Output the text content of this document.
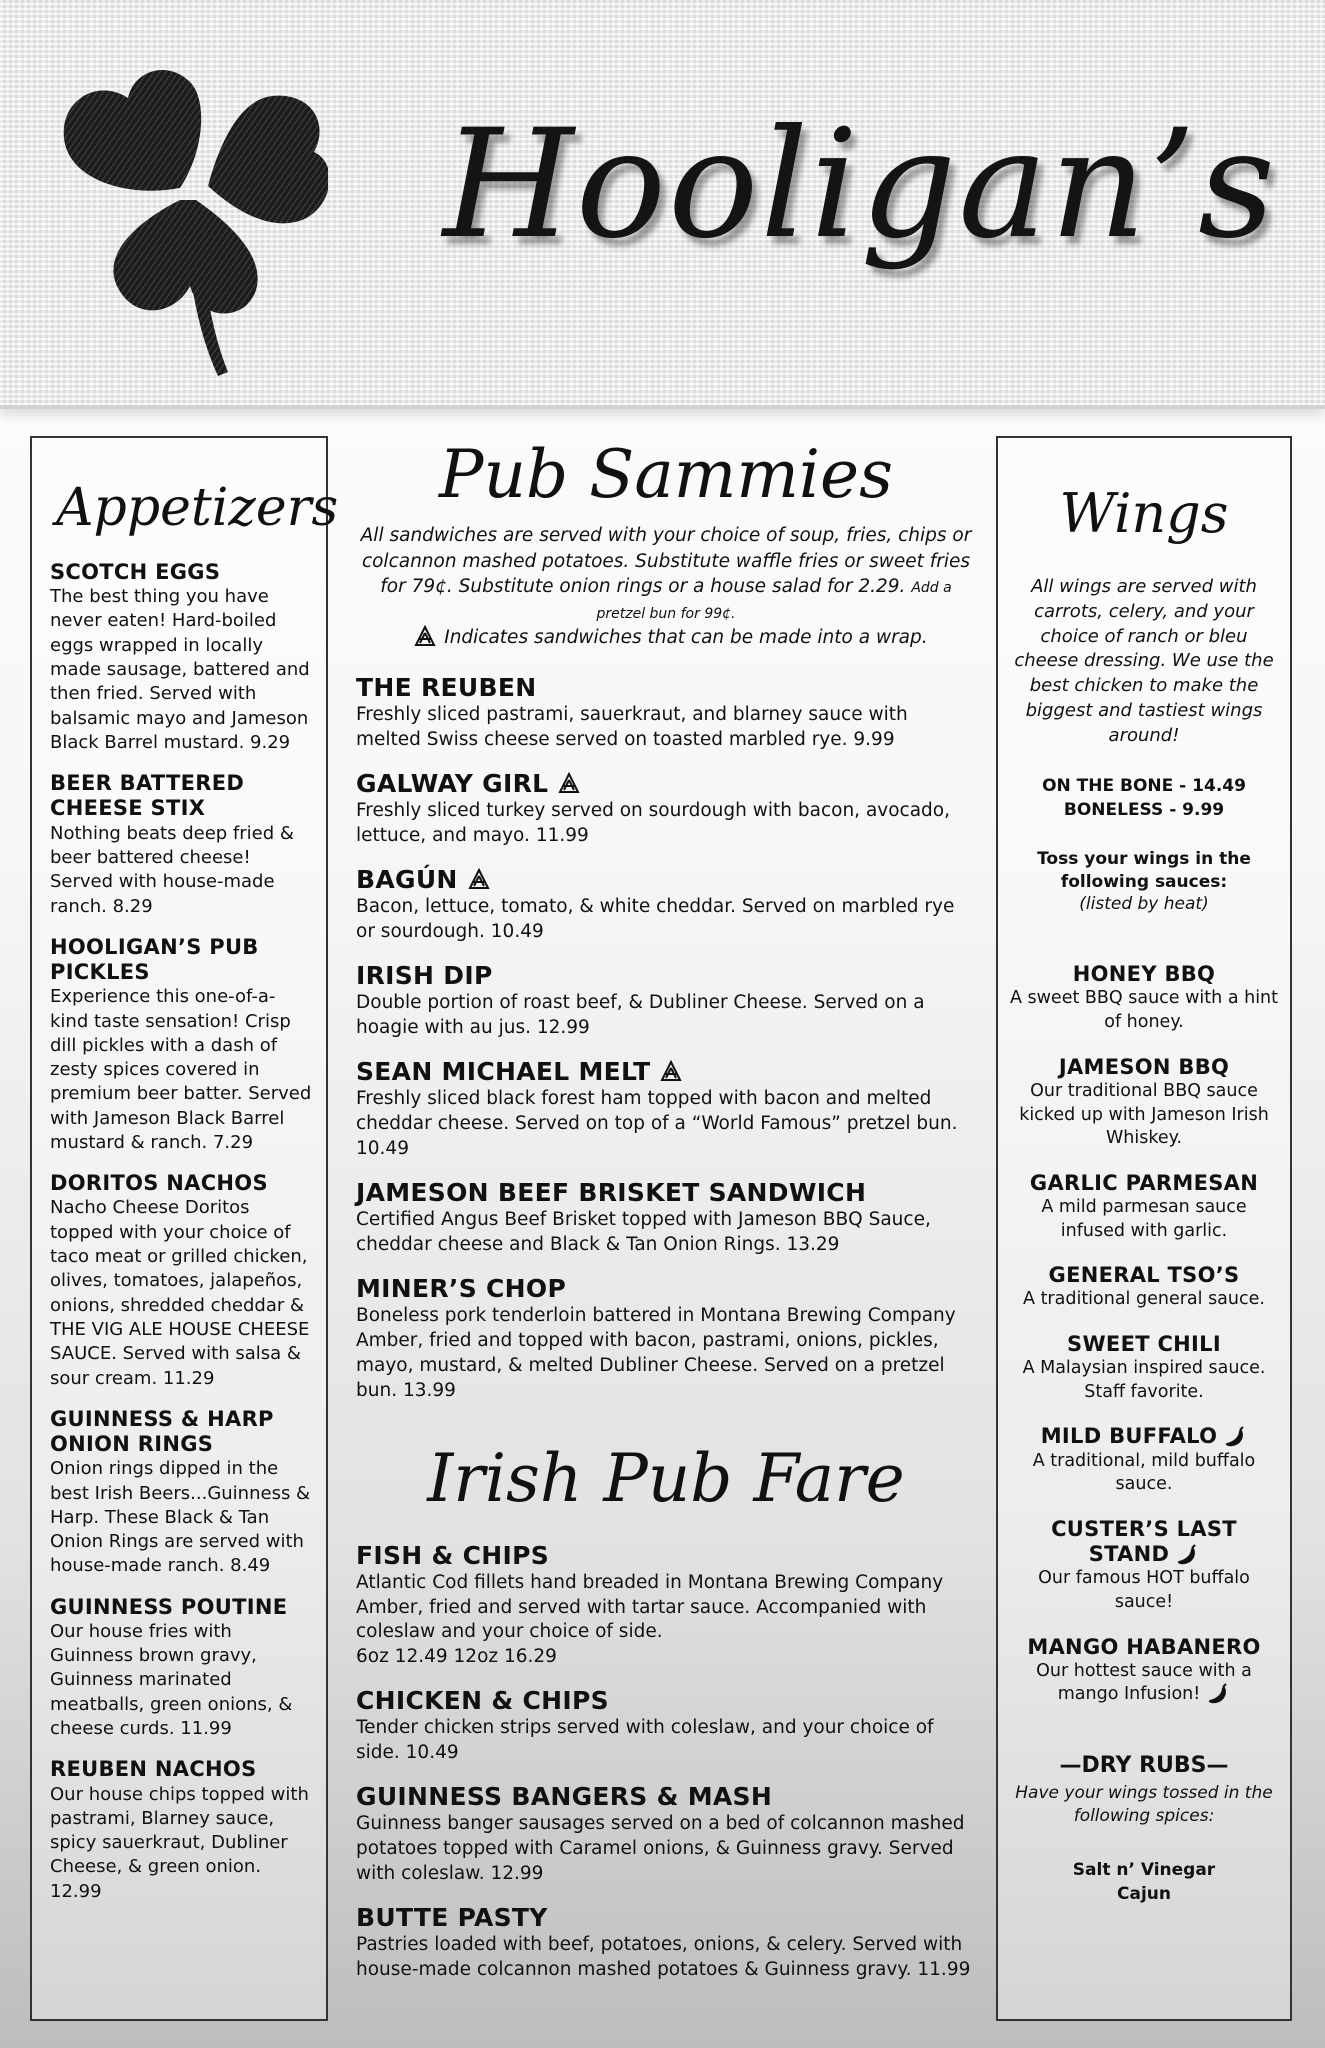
Hooligan’s
Appetizers

SCOTCH EGGS

The best thing you have never eaten! Hard-boiled eggs wrapped in locally made sausage, battered and then fried. Served with balsamic mayo and Jameson Black Barrel mustard. 9.29

BEER BATTERED CHEESE STIX

Nothing beats deep fried & beer battered cheese! Served with house-made ranch. 8.29

HOOLIGAN’S PUB PICKLES

Experience this one-of-a-kind taste sensation! Crisp dill pickles with a dash of zesty spices covered in premium beer batter. Served with Jameson Black Barrel mustard & ranch. 7.29

DORITOS NACHOS

Nacho Cheese Doritos topped with your choice of taco meat or grilled chicken, olives, tomatoes, jalapeños, onions, shredded cheddar & THE VIG ALE HOUSE CHEESE SAUCE. Served with salsa & sour cream. 11.29

GUINNESS & HARP ONION RINGS

Onion rings dipped in the best Irish Beers...Guinness & Harp. These Black & Tan Onion Rings are served with house-made ranch. 8.49

GUINNESS POUTINE

Our house fries with Guinness brown gravy, Guinness marinated meatballs, green onions, & cheese curds. 11.99

REUBEN NACHOS

Our house chips topped with pastrami, Blarney sauce, spicy sauerkraut, Dubliner Cheese, & green onion. 12.99

Pub Sammies

All sandwiches are served with your choice of soup, fries, chips or colcannon mashed potatoes. Substitute waffle fries or sweet fries for 79¢. Substitute onion rings or a house salad for 2.29. Add a pretzel bun for 99¢.
Indicates sandwiches that can be made into a wrap.

THE REUBEN

Freshly sliced pastrami, sauerkraut, and blarney sauce with melted Swiss cheese served on toasted marbled rye. 9.99

GALWAY GIRL

Freshly sliced turkey served on sourdough with bacon, avocado, lettuce, and mayo. 11.99

BAGÚN

Bacon, lettuce, tomato, & white cheddar. Served on marbled rye or sourdough. 10.49

IRISH DIP

Double portion of roast beef, & Dubliner Cheese. Served on a hoagie with au jus. 12.99

SEAN MICHAEL MELT

Freshly sliced black forest ham topped with bacon and melted cheddar cheese. Served on top of a “World Famous” pretzel bun. 10.49

JAMESON BEEF BRISKET SANDWICH

Certified Angus Beef Brisket topped with Jameson BBQ Sauce, cheddar cheese and Black & Tan Onion Rings. 13.29

MINER’S CHOP

Boneless pork tenderloin battered in Montana Brewing Company Amber, fried and topped with bacon, pastrami, onions, pickles, mayo, mustard, & melted Dubliner Cheese. Served on a pretzel bun. 13.99

Irish Pub Fare

FISH & CHIPS

Atlantic Cod fillets hand breaded in Montana Brewing Company Amber, fried and served with tartar sauce. Accompanied with coleslaw and your choice of side.

6oz 12.49 12oz 16.29

CHICKEN & CHIPS

Tender chicken strips served with coleslaw, and your choice of side. 10.49

GUINNESS BANGERS & MASH

Guinness banger sausages served on a bed of colcannon mashed potatoes topped with Caramel onions, & Guinness gravy. Served with coleslaw. 12.99

BUTTE PASTY

Pastries loaded with beef, potatoes, onions, & celery. Served with house-made colcannon mashed potatoes & Guinness gravy. 11.99

Wings

All wings are served with carrots, celery, and your choice of ranch or bleu cheese dressing. We use the best chicken to make the biggest and tastiest wings around!

ON THE BONE - 14.49
BONELESS - 9.99

Toss your wings in the following sauces:

(listed by heat)

HONEY BBQ

A sweet BBQ sauce with a hint of honey.

JAMESON BBQ

Our traditional BBQ sauce kicked up with Jameson Irish Whiskey.

GARLIC PARMESAN

A mild parmesan sauce infused with garlic.

GENERAL TSO’S

A traditional general sauce.

SWEET CHILI

A Malaysian inspired sauce. Staff favorite.

MILD BUFFALO

A traditional, mild buffalo sauce.

CUSTER’S LAST STAND

Our famous HOT buffalo sauce!

MANGO HABANERO

Our hottest sauce with a mango Infusion!

—DRY RUBS—

Have your wings tossed in the following spices:

Salt n’ Vinegar
Cajun
